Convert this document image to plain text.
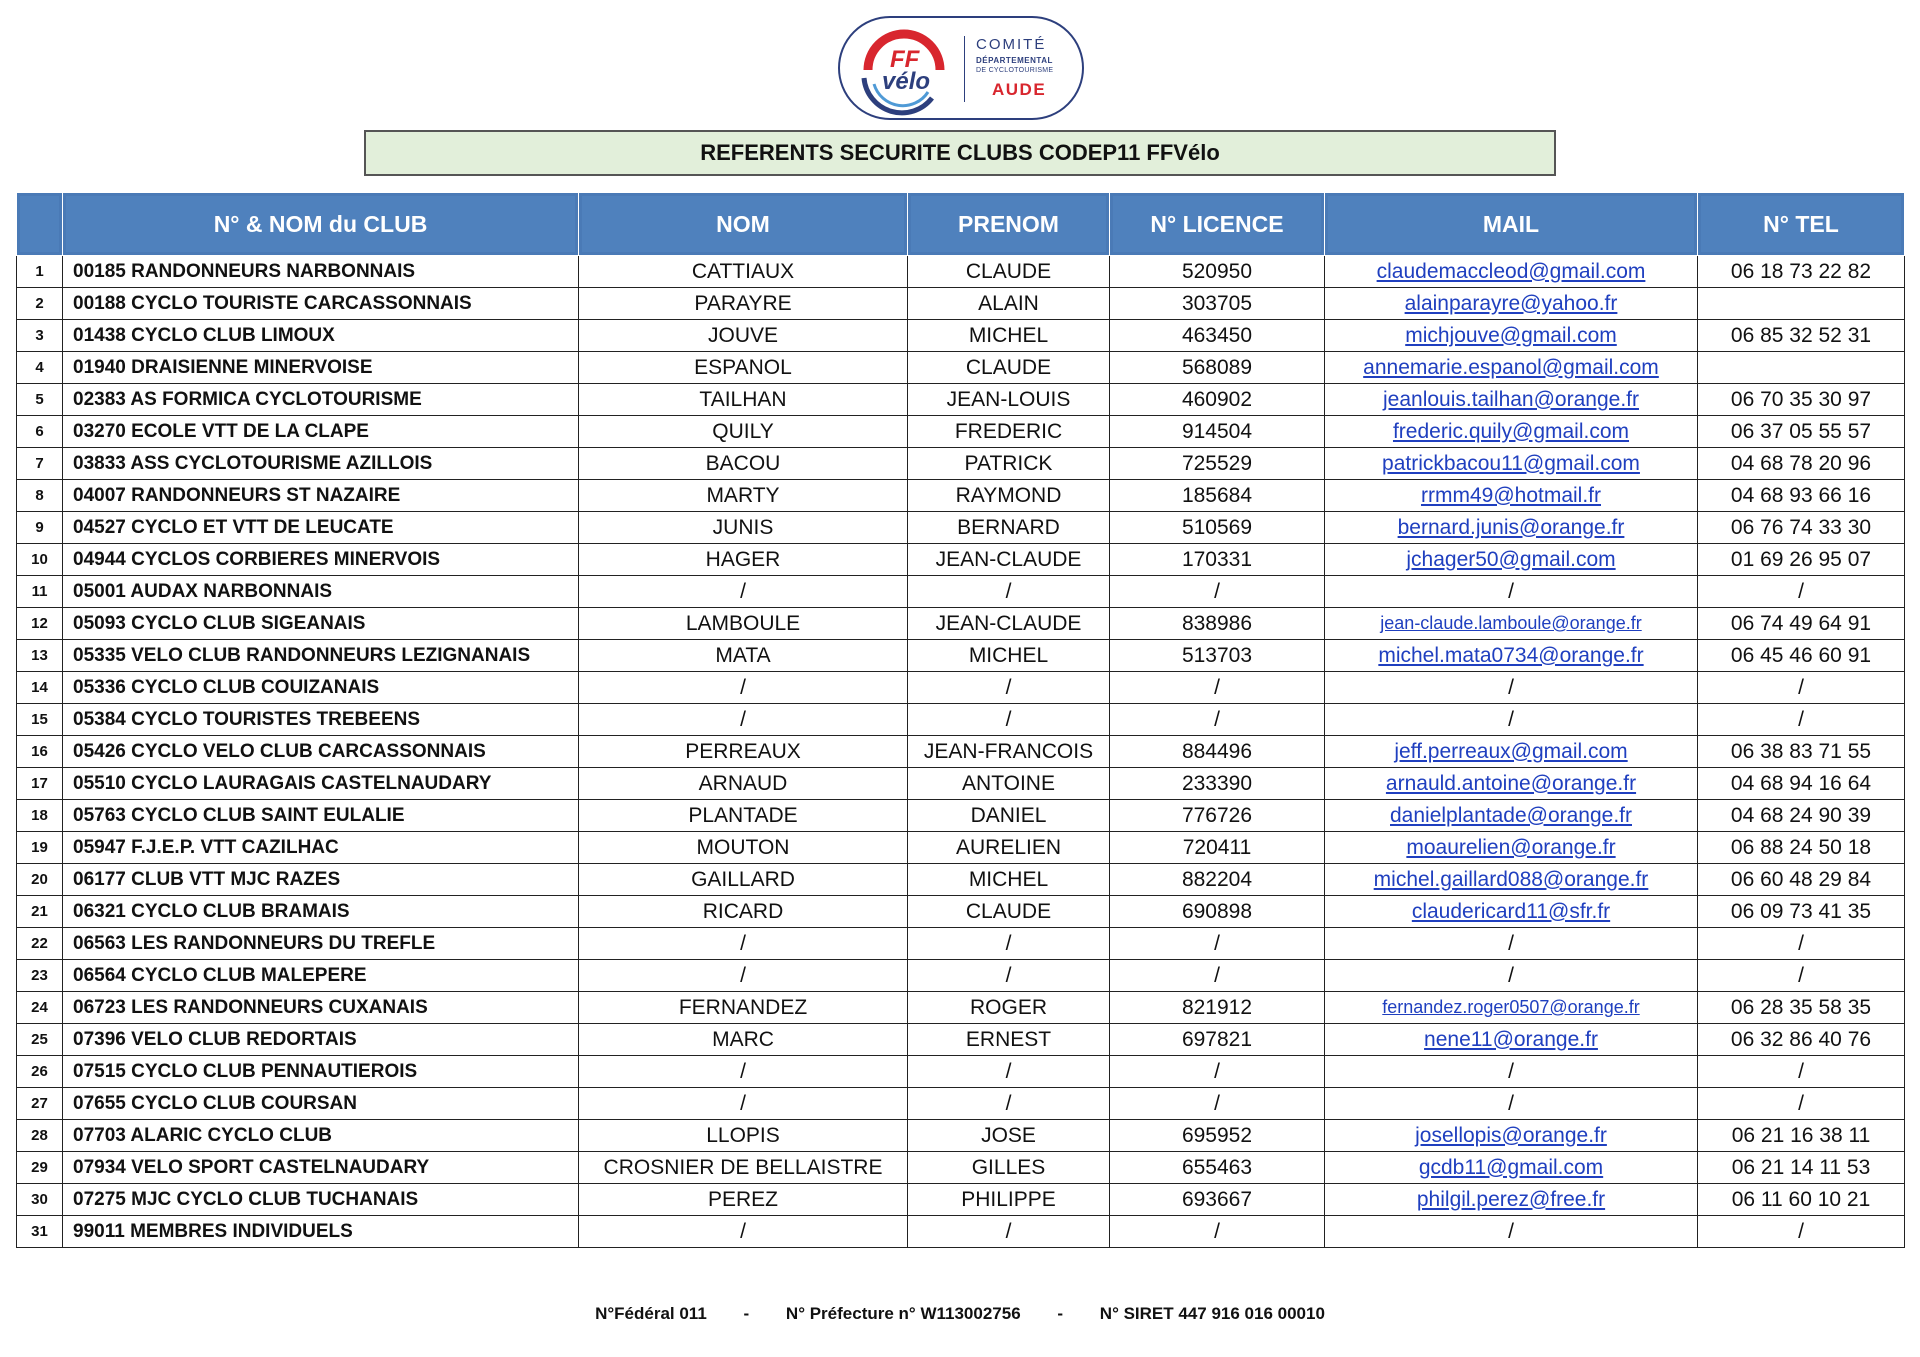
FF
vélo
COMITÉ
DÉPARTEMENTAL
DE CYCLOTOURISME
AUDE
REFERENTS SECURITE CLUBS CODEP11 FFVélo
	N° & NOM du CLUB	NOM	PRENOM	N° LICENCE	MAIL	N° TEL
1	00185 RANDONNEURS NARBONNAIS	CATTIAUX	CLAUDE	520950	claudemaccleod@gmail.com	06 18 73 22 82
2	00188 CYCLO TOURISTE CARCASSONNAIS	PARAYRE	ALAIN	303705	alainparayre@yahoo.fr	
3	01438 CYCLO CLUB LIMOUX	JOUVE	MICHEL	463450	michjouve@gmail.com	06 85 32 52 31
4	01940 DRAISIENNE MINERVOISE	ESPANOL	CLAUDE	568089	annemarie.espanol@gmail.com	
5	02383 AS FORMICA CYCLOTOURISME	TAILHAN	JEAN-LOUIS	460902	jeanlouis.tailhan@orange.fr	06 70 35 30 97
6	03270 ECOLE VTT DE LA CLAPE	QUILY	FREDERIC	914504	frederic.quily@gmail.com	06 37 05 55 57
7	03833 ASS CYCLOTOURISME AZILLOIS	BACOU	PATRICK	725529	patrickbacou11@gmail.com	04 68 78 20 96
8	04007 RANDONNEURS ST NAZAIRE	MARTY	RAYMOND	185684	rrmm49@hotmail.fr	04 68 93 66 16
9	04527 CYCLO ET VTT DE LEUCATE	JUNIS	BERNARD	510569	bernard.junis@orange.fr	06 76 74 33 30
10	04944 CYCLOS CORBIERES MINERVOIS	HAGER	JEAN-CLAUDE	170331	jchager50@gmail.com	01 69 26 95 07
11	05001 AUDAX NARBONNAIS	/	/	/	/	/
12	05093 CYCLO CLUB SIGEANAIS	LAMBOULE	JEAN-CLAUDE	838986	jean-claude.lamboule@orange.fr	06 74 49 64 91
13	05335 VELO CLUB RANDONNEURS LEZIGNANAIS	MATA	MICHEL	513703	michel.mata0734@orange.fr	06 45 46 60 91
14	05336 CYCLO CLUB COUIZANAIS	/	/	/	/	/
15	05384 CYCLO TOURISTES TREBEENS	/	/	/	/	/
16	05426 CYCLO VELO CLUB CARCASSONNAIS	PERREAUX	JEAN-FRANCOIS	884496	jeff.perreaux@gmail.com	06 38 83 71 55
17	05510 CYCLO LAURAGAIS CASTELNAUDARY	ARNAUD	ANTOINE	233390	arnauld.antoine@orange.fr	04 68 94 16 64
18	05763 CYCLO CLUB SAINT EULALIE	PLANTADE	DANIEL	776726	danielplantade@orange.fr	04 68 24 90 39
19	05947 F.J.E.P. VTT CAZILHAC	MOUTON	AURELIEN	720411	moaurelien@orange.fr	06 88 24 50 18
20	06177 CLUB VTT MJC RAZES	GAILLARD	MICHEL	882204	michel.gaillard088@orange.fr	06 60 48 29 84
21	06321 CYCLO CLUB BRAMAIS	RICARD	CLAUDE	690898	claudericard11@sfr.fr	06 09 73 41 35
22	06563 LES RANDONNEURS DU TREFLE	/	/	/	/	/
23	06564 CYCLO CLUB MALEPERE	/	/	/	/	/
24	06723 LES RANDONNEURS CUXANAIS	FERNANDEZ	ROGER	821912	fernandez.roger0507@orange.fr	06 28 35 58 35
25	07396 VELO CLUB REDORTAIS	MARC	ERNEST	697821	nene11@orange.fr	06 32 86 40 76
26	07515 CYCLO CLUB PENNAUTIEROIS	/	/	/	/	/
27	07655 CYCLO CLUB COURSAN	/	/	/	/	/
28	07703 ALARIC CYCLO CLUB	LLOPIS	JOSE	695952	josellopis@orange.fr	06 21 16 38 11
29	07934 VELO SPORT CASTELNAUDARY	CROSNIER DE BELLAISTRE	GILLES	655463	gcdb11@gmail.com	06 21 14 11 53
30	07275 MJC CYCLO CLUB TUCHANAIS	PEREZ	PHILIPPE	693667	philgil.perez@free.fr	06 11 60 10 21
31	99011 MEMBRES INDIVIDUELS	/	/	/	/	/
N°Fédéral 011 - N° Préfecture n° W113002756 - N° SIRET 447 916 016 00010
